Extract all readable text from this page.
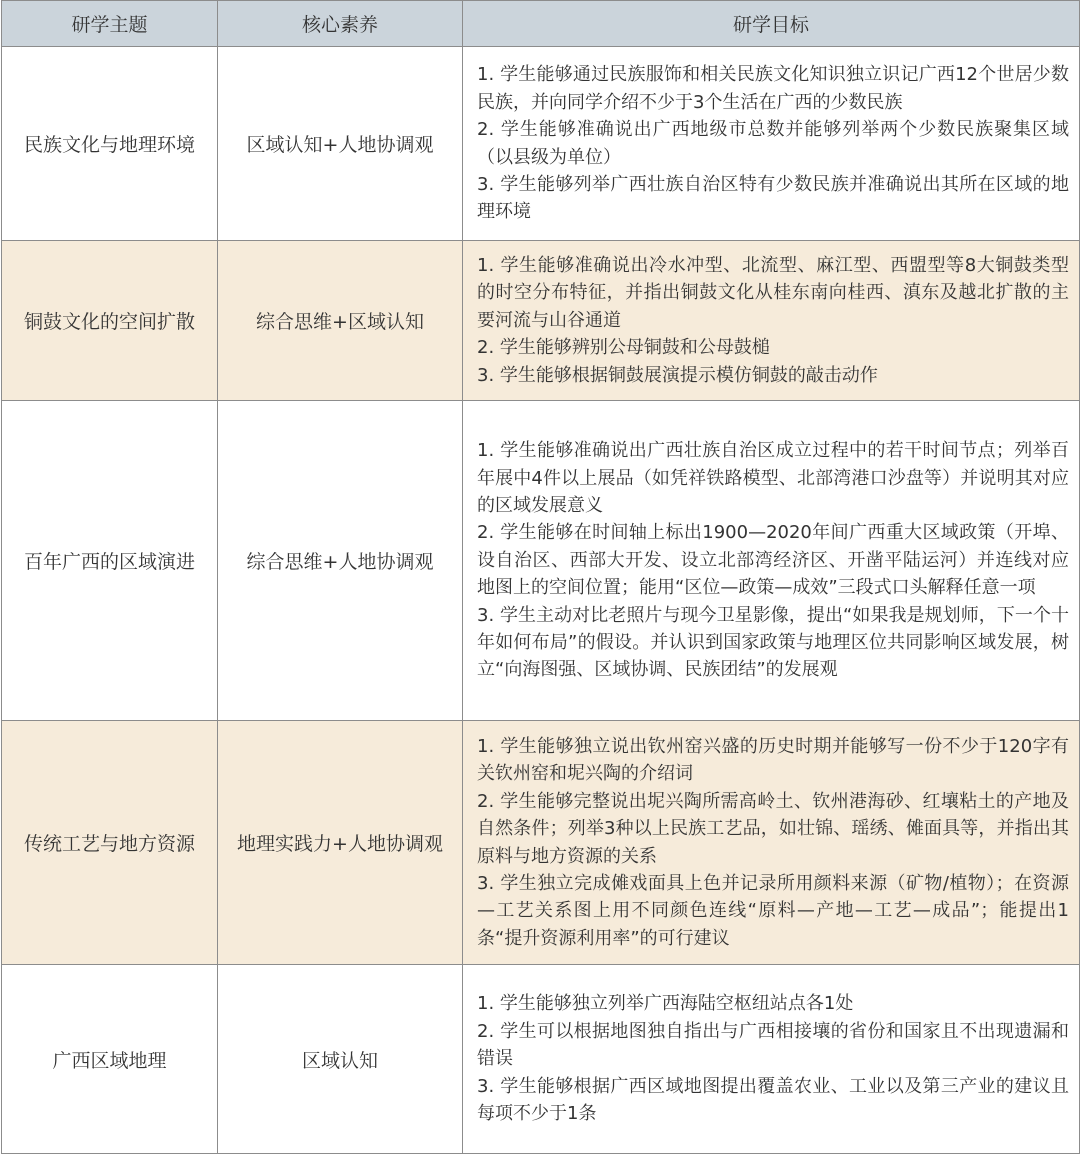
研学主题	核心素养	研学目标
民族文化与地理环境	区域认知+人地协调观	1. 学生能够通过民族服饰和相关民族文化知识独立识记广西12个世居少数民族，并向同学介绍不少于3个生活在广西的少数民族
2. 学生能够准确说出广西地级市总数并能够列举两个少数民族聚集区域（以县级为单位）
3. 学生能够列举广西壮族自治区特有少数民族并准确说出其所在区域的地理环境

铜鼓文化的空间扩散	综合思维+区域认知	1. 学生能够准确说出冷水冲型、北流型、麻江型、西盟型等8大铜鼓类型的时空分布特征，并指出铜鼓文化从桂东南向桂西、滇东及越北扩散的主要河流与山谷通道
2. 学生能够辨别公母铜鼓和公母鼓槌
3. 学生能够根据铜鼓展演提示模仿铜鼓的敲击动作

百年广西的区域演进	综合思维+人地协调观	1. 学生能够准确说出广西壮族自治区成立过程中的若干时间节点；列举百年展中4件以上展品（如凭祥铁路模型、北部湾港口沙盘等）并说明其对应的区域发展意义
2. 学生能够在时间轴上标出1900—2020年间广西重大区域政策（开埠、设自治区、西部大开发、设立北部湾经济区、开凿平陆运河）并连线对应地图上的空间位置；能用“区位—政策—成效”三段式口头解释任意一项
3. 学生主动对比老照片与现今卫星影像，提出“如果我是规划师，下一个十年如何布局”的假设。并认识到国家政策与地理区位共同影响区域发展，树立“向海图强、区域协调、民族团结”的发展观

传统工艺与地方资源	地理实践力+人地协调观	1. 学生能够独立说出钦州窑兴盛的历史时期并能够写一份不少于120字有关钦州窑和坭兴陶的介绍词
2. 学生能够完整说出坭兴陶所需高岭土、钦州港海砂、红壤粘土的产地及自然条件；列举3种以上民族工艺品，如壮锦、瑶绣、傩面具等，并指出其原料与地方资源的关系
3. 学生独立完成傩戏面具上色并记录所用颜料来源（矿物/植物）；在资源—工艺关系图上用不同颜色连线“原料—产地—工艺—成品”；能提出1条“提升资源利用率”的可行建议

广西区域地理	区域认知	1. 学生能够独立列举广西海陆空枢纽站点各1处
2. 学生可以根据地图独自指出与广西相接壤的省份和国家且不出现遗漏和错误
3. 学生能够根据广西区域地图提出覆盖农业、工业以及第三产业的建议且每项不少于1条
